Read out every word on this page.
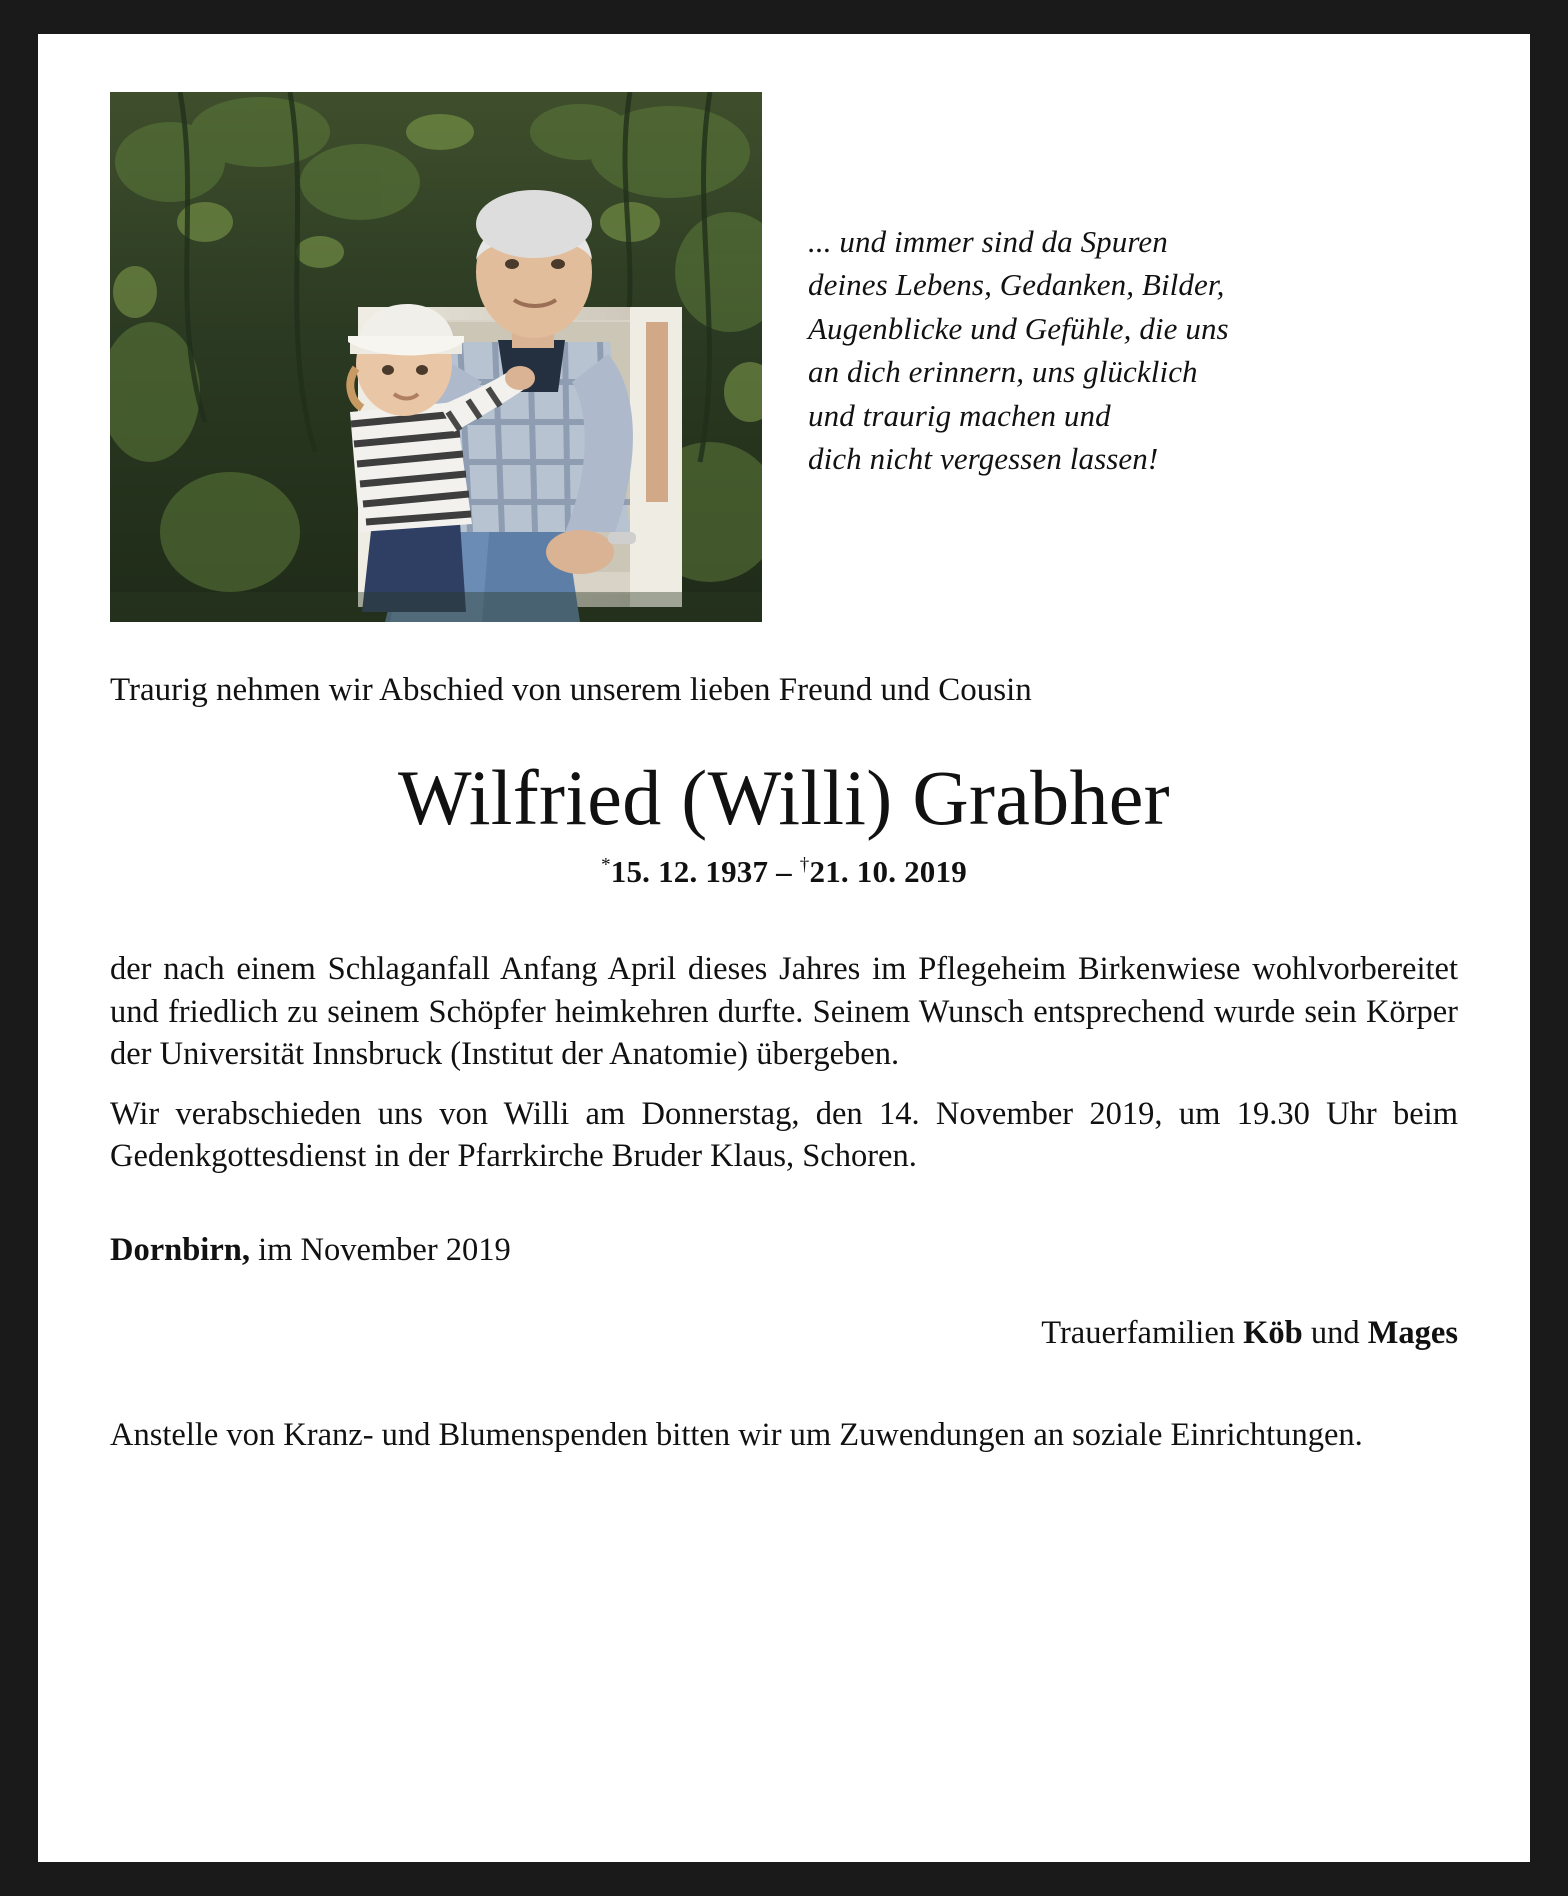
... und immer sind da Spuren
deines Lebens, Gedanken, Bilder,
Augenblicke und Gefühle, die uns
an dich erinnern, uns glücklich
und traurig machen und
dich nicht vergessen lassen!
Traurig nehmen wir Abschied von unserem lieben Freund und Cousin
Wilfried (Willi) Grabher
*15. 12. 1937 – †21. 10. 2019
der nach einem Schlaganfall Anfang April dieses Jahres im Pflegeheim Birkenwiese wohlvorbereitet und friedlich zu seinem Schöpfer heimkehren durfte. Seinem Wunsch entsprechend wurde sein Körper der Universität Innsbruck (Institut der Anatomie) übergeben.
Wir verabschieden uns von Willi am Donnerstag, den 14. November 2019, um 19.30 Uhr beim Gedenkgottesdienst in der Pfarrkirche Bruder Klaus, Schoren.
Dornbirn, im November 2019
Trauerfamilien Köb und Mages
Anstelle von Kranz- und Blumenspenden bitten wir um Zuwendungen an soziale Einrichtungen.
